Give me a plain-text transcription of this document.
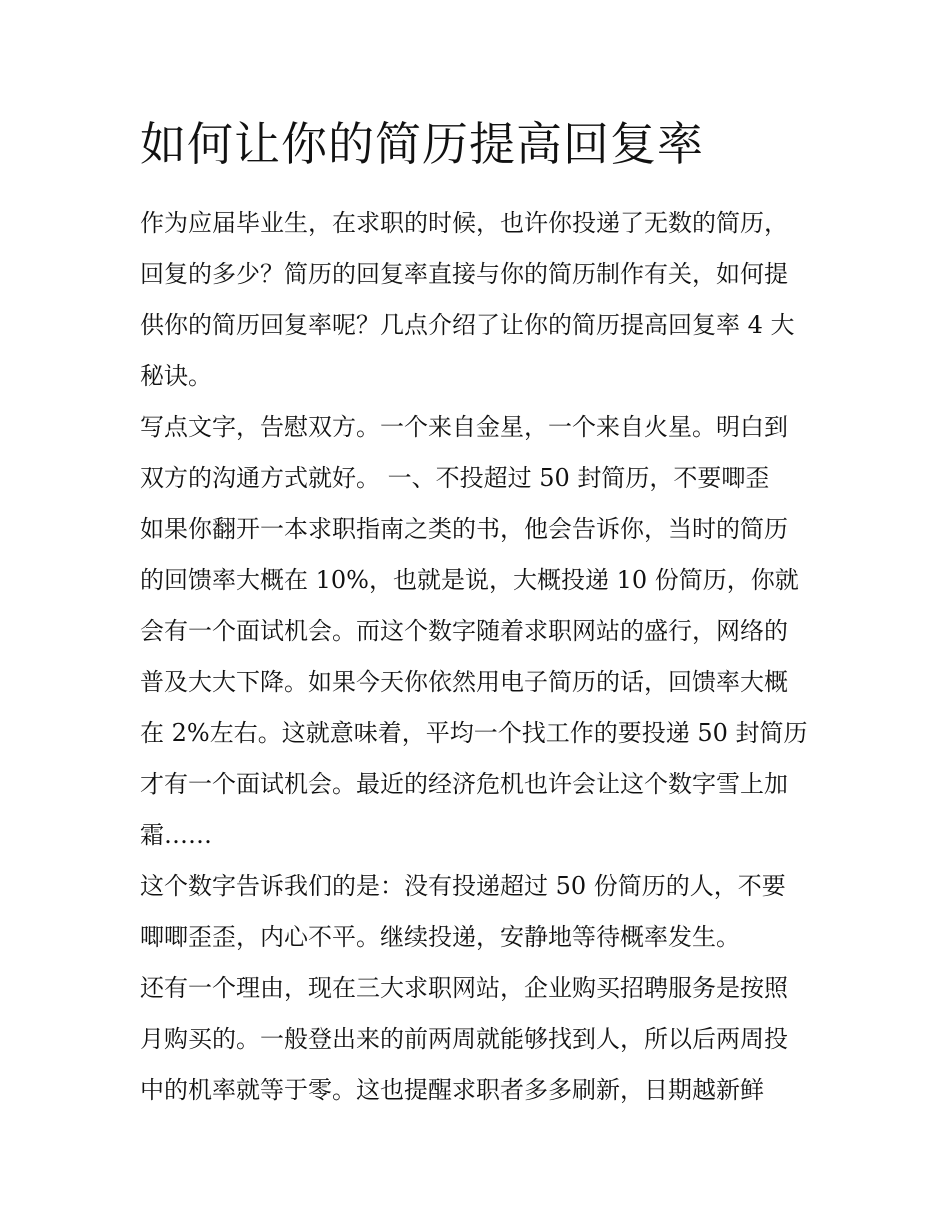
如何让你的简历提高回复率
作为应届毕业生，在求职的时候，也许你投递了无数的简历，
回复的多少？简历的回复率直接与你的简历制作有关，如何提
供你的简历回复率呢？几点介绍了让你的简历提高回复率 4 大
秘诀。
写点文字，告慰双方。一个来自金星，一个来自火星。明白到
双方的沟通方式就好。 一、不投超过 50 封简历，不要唧歪
如果你翻开一本求职指南之类的书，他会告诉你，当时的简历
的回馈率大概在 10%，也就是说，大概投递 10 份简历，你就
会有一个面试机会。而这个数字随着求职网站的盛行，网络的
普及大大下降。如果今天你依然用电子简历的话，回馈率大概
在 2%左右。这就意味着，平均一个找工作的要投递 50 封简历
才有一个面试机会。最近的经济危机也许会让这个数字雪上加
霜……
这个数字告诉我们的是：没有投递超过 50 份简历的人，不要
唧唧歪歪，内心不平。继续投递，安静地等待概率发生。
还有一个理由，现在三大求职网站，企业购买招聘服务是按照
月购买的。一般登出来的前两周就能够找到人，所以后两周投
中的机率就等于零。这也提醒求职者多多刷新，日期越新鲜
